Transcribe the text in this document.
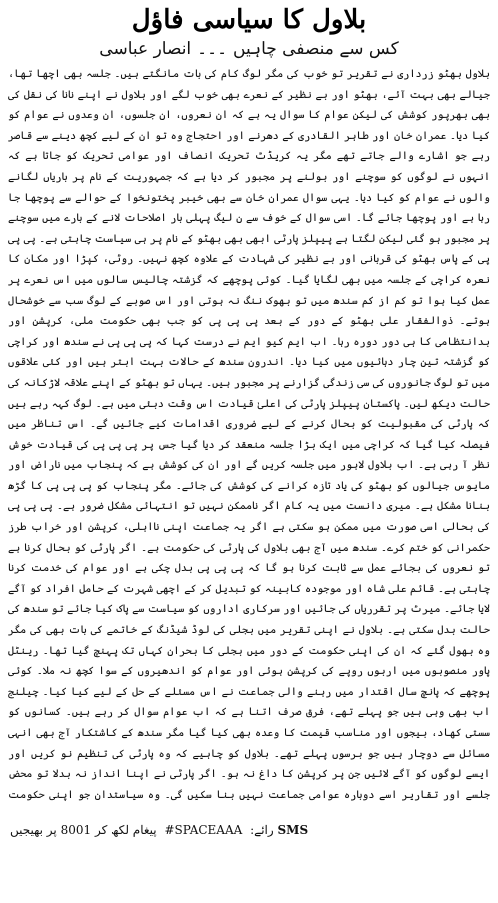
بلاول کا سیاسی فاؤل
کس سے منصفی چاہیں۔۔۔انصار عباسی

بلاول بھٹو زرداری نے تقریر تو خوب کی مگر لوگ کام کی بات مانگتے ہیں۔ جلسہ بھی اچھا تھا، جیالے بھی بہت آئے، بھٹو اور بے نظیر کے نعرے بھی خوب لگے اور بلاول نے اپنے نانا کی نقل کی بھی بھرپور کوشش کی لیکن عوام کا سوال یہ ہے کہ ان نعروں، ان جلسوں، ان وعدوں نے عوام کو کیا دیا۔ عمران خان اور طاہر القادری کے دھرنے اور احتجاج وہ تو ان کے لیے کچھ دینے سے قاصر رہے جو اشارے والے جاتے تھے مگر یہ کریڈٹ تحریک انصاف اور عوامی تحریک کو جاتا ہے کہ انہوں نے لوگوں کو سوچنے اور بولنے پر مجبور کر دیا ہے کہ جمہوریت کے نام پر باریاں لگانے والوں نے عوام کو کیا دیا۔ یہی سوال عمران خان سے بھی خیبر پختونخوا کے حوالے سے پوچھا جا رہا ہے اور پوچھا جائے گا۔ اسی سوال کے خوف سے ن لیگ پہلی بار اصلاحات لانے کے بارے میں سوچنے پر مجبور ہو گئی لیکن لگتا ہے پیپلز پارٹی ابھی بھی بھٹو کے نام پر ہی سیاست چاہتی ہے۔ پی پی پی کے پاس بھٹو کی قربانی اور بے نظیر کی شہادت کے علاوہ کچھ نہیں۔ روٹی، کپڑا اور مکان کا نعرہ کراچی کے جلسہ میں بھی لگایا گیا۔ کوئی پوچھے کہ گزشتہ چالیس سالوں میں اس نعرے پر عمل کیا ہوا تو کم از کم سندھ میں تو بھوک ننگ نہ ہوتی اور اس صوبے کے لوگ سب سے خوشحال ہوتے۔ ذوالفقار علی بھٹو کے دور کے بعد پی پی پی کو جب بھی حکومت ملی، کرپشن اور بدانتظامی کا ہی دور دورہ رہا۔ اب ایم کیو ایم نے درست کہا کہ پی پی پی نے سندھ اور کراچی کو گزشتہ تین چار دہائیوں میں کیا دیا۔ اندرون سندھ کے حالات بہت ابتر ہیں اور کئی علاقوں میں تو لوگ جانوروں کی سی زندگی گزارنے پر مجبور ہیں۔ یہاں تو بھٹو کے اپنے علاقہ لاڑکانہ کی حالت دیکھ لیں۔ پاکستان پیپلز پارٹی کی اعلیٰ قیادت اس وقت دبئی میں ہے۔ لوگ کہہ رہے ہیں کہ پارٹی کی مقبولیت کو بحال کرنے کے لیے ضروری اقدامات کیے جائیں گے۔ اس تناظر میں فیصلہ کیا گیا کہ کراچی میں ایک بڑا جلسہ منعقد کر دیا گیا جس پر پی پی پی کی قیادت خوش نظر آ رہی ہے۔ اب بلاول لاہور میں جلسہ کریں گے اور ان کی کوشش ہے کہ پنجاب میں ناراض اور مایوس جیالوں کو بھٹو کی یاد تازہ کرانے کی کوشش کی جائے۔ مگر پنجاب کو پی پی پی کا گڑھ بنانا مشکل ہے۔ میری دانست میں یہ کام اگر ناممکن نہیں تو انتہائی مشکل ضرور ہے۔ پی پی پی کی بحالی اسی صورت میں ممکن ہو سکتی ہے اگر یہ جماعت اپنی نااہلی، کرپشن اور خراب طرز حکمرانی کو ختم کرے۔ سندھ میں آج بھی بلاول کی پارٹی کی حکومت ہے۔ اگر پارٹی کو بحال کرنا ہے تو نعروں کی بجائے عمل سے ثابت کرنا ہو گا کہ پی پی پی بدل چکی ہے اور عوام کی خدمت کرنا چاہتی ہے۔ قائم علی شاہ اور موجودہ کابینہ کو تبدیل کر کے اچھی شہرت کے حامل افراد کو آگے لایا جائے۔ میرٹ پر تقرریاں کی جائیں اور سرکاری اداروں کو سیاست سے پاک کیا جائے تو سندھ کی حالت بدل سکتی ہے۔ بلاول نے اپنی تقریر میں بجلی کی لوڈ شیڈنگ کے خاتمے کی بات بھی کی مگر وہ بھول گئے کہ ان کی اپنی حکومت کے دور میں بجلی کا بحران کہاں تک پہنچ گیا تھا۔ رینٹل پاور منصوبوں میں اربوں روپے کی کرپشن ہوئی اور عوام کو اندھیروں کے سوا کچھ نہ ملا۔ کوئی پوچھے کہ پانچ سال اقتدار میں رہنے والی جماعت نے اس مسئلے کے حل کے لیے کیا کیا۔ چیلنج اب بھی وہی ہیں جو پہلے تھے، فرق صرف اتنا ہے کہ اب عوام سوال کر رہے ہیں۔ کسانوں کو سستی کھاد، بیجوں اور مناسب قیمت کا وعدہ بھی کیا گیا مگر سندھ کے کاشتکار آج بھی انہی مسائل سے دوچار ہیں جو برسوں پہلے تھے۔ بلاول کو چاہیے کہ وہ پارٹی کی تنظیم نو کریں اور ایسے لوگوں کو آگے لائیں جن پر کرپشن کا داغ نہ ہو۔ اگر پارٹی نے اپنا انداز نہ بدلا تو محض جلسے اور تقاریر اسے دوبارہ عوامی جماعت نہیں بنا سکیں گی۔ وہ سیاستدان جو اپنی حکومت

SMS رائے: #SPACEAAA پیغام لکھ کر 8001 پر بھیجیں
